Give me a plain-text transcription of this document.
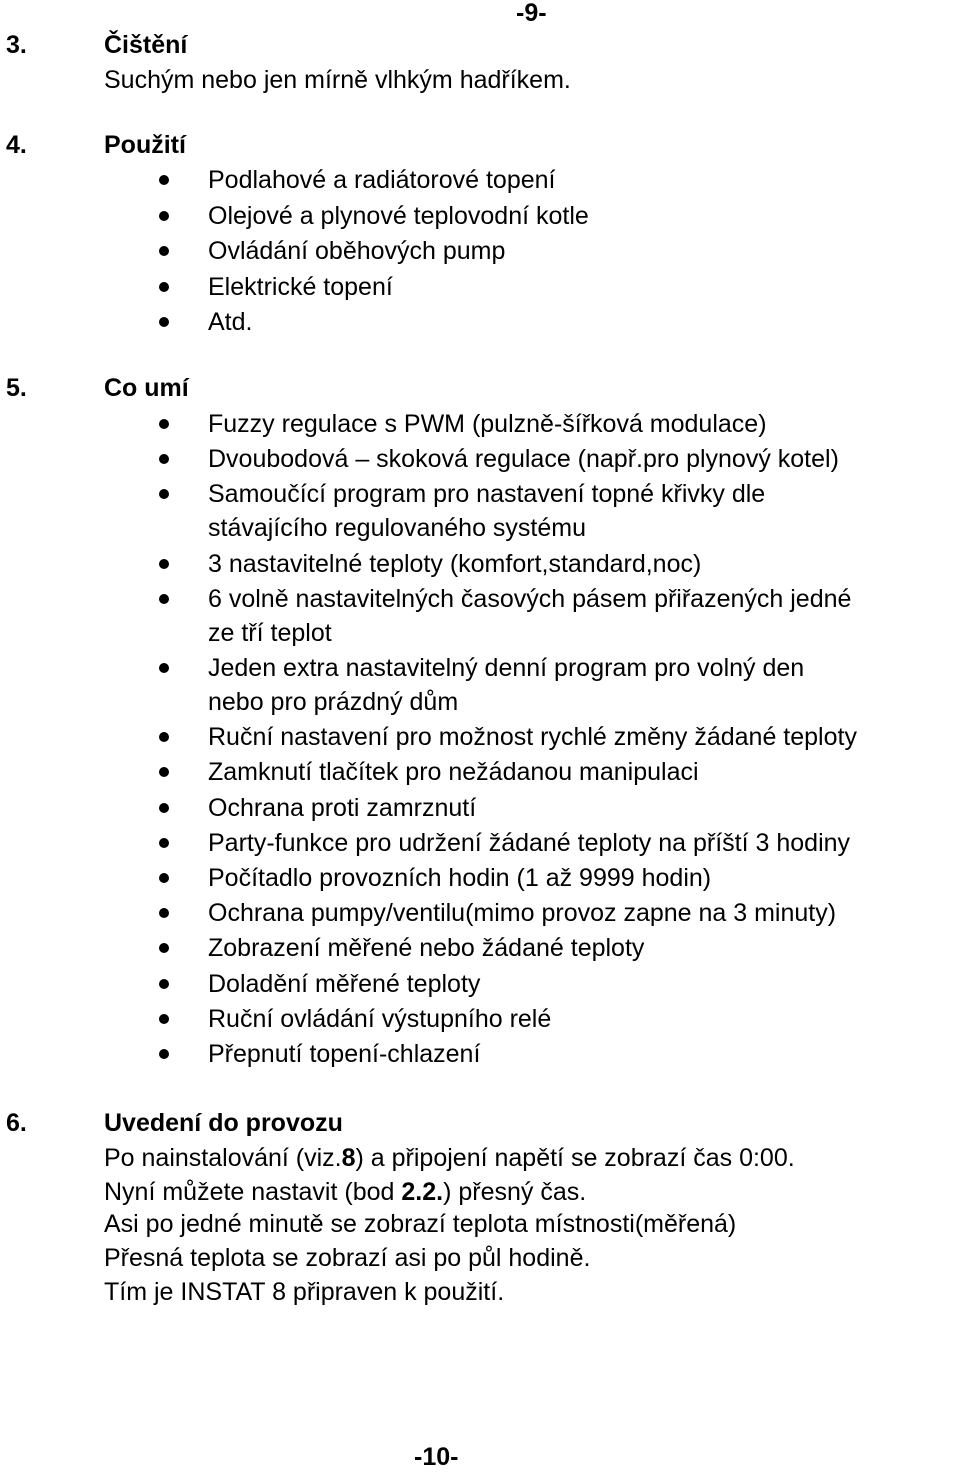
-9-
3.	Čištění
Suchým nebo jen mírně vlhkým hadříkem.
4.	Použití
Podlahové a radiátorové topení
Olejové a plynové teplovodní kotle
Ovládání oběhových pump
Elektrické topení
Atd.
5.	Co umí
Fuzzy regulace s PWM (pulzně-šířková modulace)
Dvoubodová – skoková regulace (např.pro plynový kotel)
Samoučící program pro nastavení topné křivky dle
stávajícího regulovaného systému
3 nastavitelné teploty (komfort,standard,noc)
6 volně nastavitelných časových pásem přiřazených jedné
ze tří teplot
Jeden extra nastavitelný denní program pro volný den
nebo pro prázdný dům
Ruční nastavení pro možnost rychlé změny žádané teploty
Zamknutí tlačítek pro nežádanou manipulaci
Ochrana proti zamrznutí
Party-funkce pro udržení žádané teploty na příští 3 hodiny
Počítadlo provozních hodin (1 až 9999 hodin)
Ochrana pumpy/ventilu(mimo provoz zapne na 3 minuty)
Zobrazení měřené nebo žádané teploty
Doladění měřené teploty
Ruční ovládání výstupního relé
Přepnutí topení-chlazení
6.	Uvedení do provozu
Po nainstalování (viz.8) a připojení napětí se zobrazí čas 0:00.
Nyní můžete nastavit (bod 2.2.) přesný čas.
Asi po jedné minutě se zobrazí teplota místnosti(měřená)
Přesná teplota se zobrazí asi po půl hodině.
Tím je INSTAT 8 připraven k použití.
-10-
